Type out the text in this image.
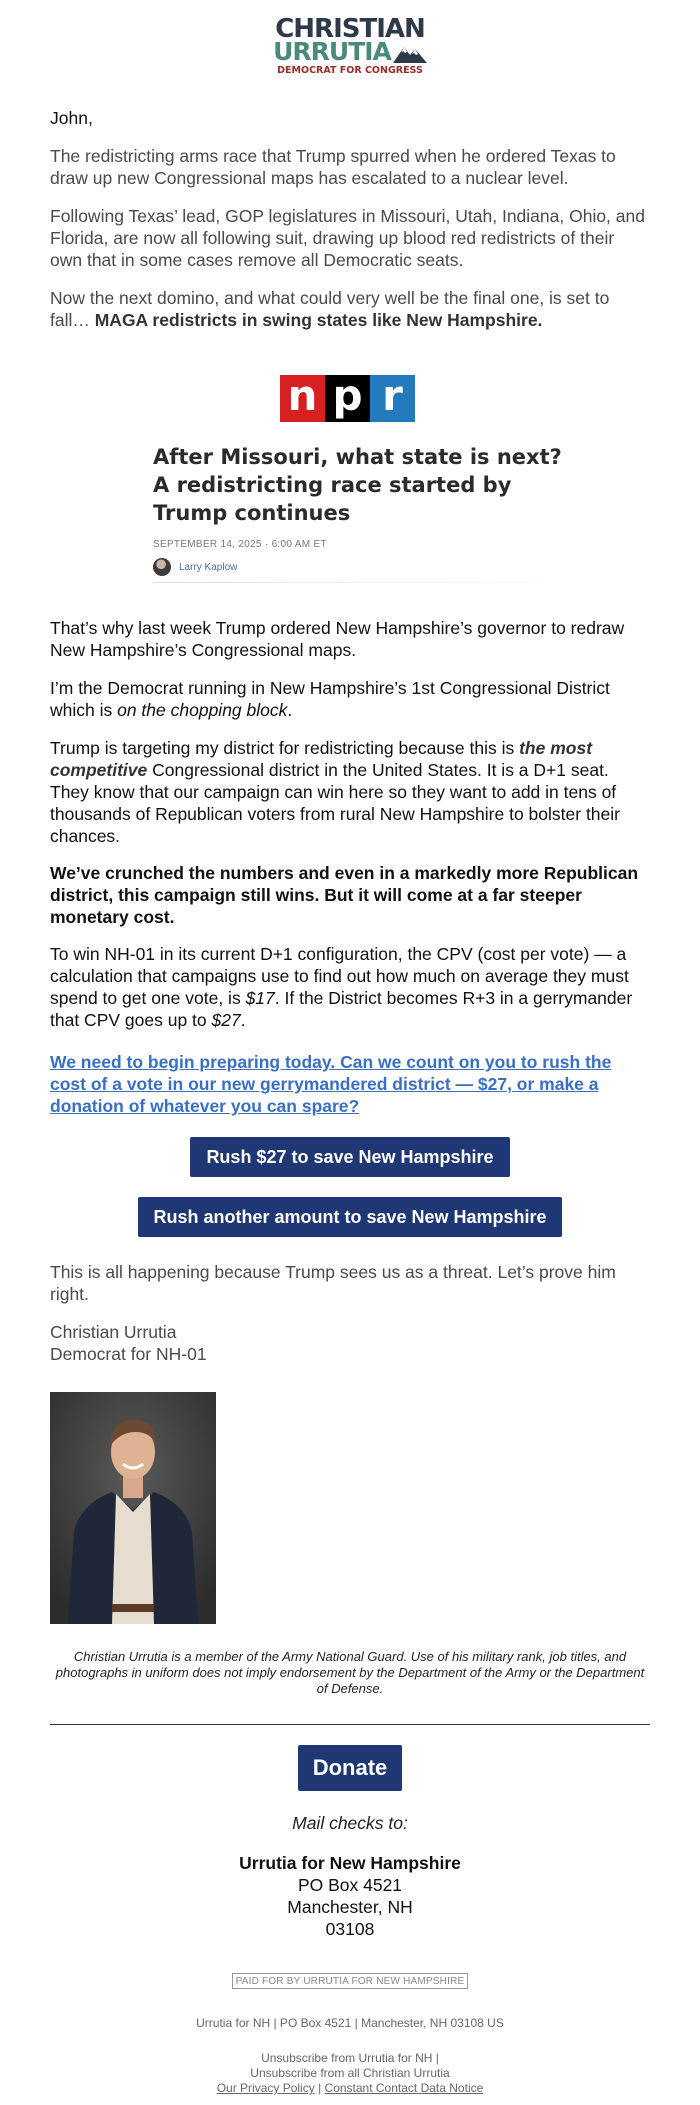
CHRISTIAN
URRUTIA
DEMOCRAT FOR CONGRESS

John,

The redistricting arms race that Trump spurred when he ordered Texas to draw up new Congressional maps has escalated to a nuclear level.

Following Texas’ lead, GOP legislatures in Missouri, Utah, Indiana, Ohio, and Florida, are now all following suit, drawing up blood red redistricts of their own that in some cases remove all Democratic seats.

Now the next domino, and what could very well be the final one, is set to fall… MAGA redistricts in swing states like New Hampshire.

n p r

After Missouri, what state is next? A redistricting race started by Trump continues

SEPTEMBER 14, 2025 · 6:00 AM ET
Larry Kaplow

That’s why last week Trump ordered New Hampshire’s governor to redraw New Hampshire’s Congressional maps.

I’m the Democrat running in New Hampshire’s 1st Congressional District which is on the chopping block.

Trump is targeting my district for redistricting because this is the most competitive Congressional district in the United States. It is a D+1 seat. They know that our campaign can win here so they want to add in tens of thousands of Republican voters from rural New Hampshire to bolster their chances.

We’ve crunched the numbers and even in a markedly more Republican district, this campaign still wins. But it will come at a far steeper monetary cost.

To win NH-01 in its current D+1 configuration, the CPV (cost per vote) — a calculation that campaigns use to find out how much on average they must spend to get one vote, is $17. If the District becomes R+3 in a gerrymander that CPV goes up to $27.

We need to begin preparing today. Can we count on you to rush the cost of a vote in our new gerrymandered district — $27, or make a donation of whatever you can spare?

Rush $27 to save New Hampshire
Rush another amount to save New Hampshire

This is all happening because Trump sees us as a threat. Let’s prove him right.

Christian Urrutia

Democrat for NH-01

Christian Urrutia is a member of the Army National Guard. Use of his military rank, job titles, and photographs in uniform does not imply endorsement by the Department of the Army or the Department of Defense.
Donate
Mail checks to:
Urrutia for New Hampshire
PO Box 4521
Manchester, NH
03108
PAID FOR BY URRUTIA FOR NEW HAMPSHIRE
Urrutia for NH | PO Box 4521 | Manchester, NH 03108 US
Unsubscribe from Urrutia for NH |
Unsubscribe from all Christian Urrutia
Our Privacy Policy | Constant Contact Data Notice
